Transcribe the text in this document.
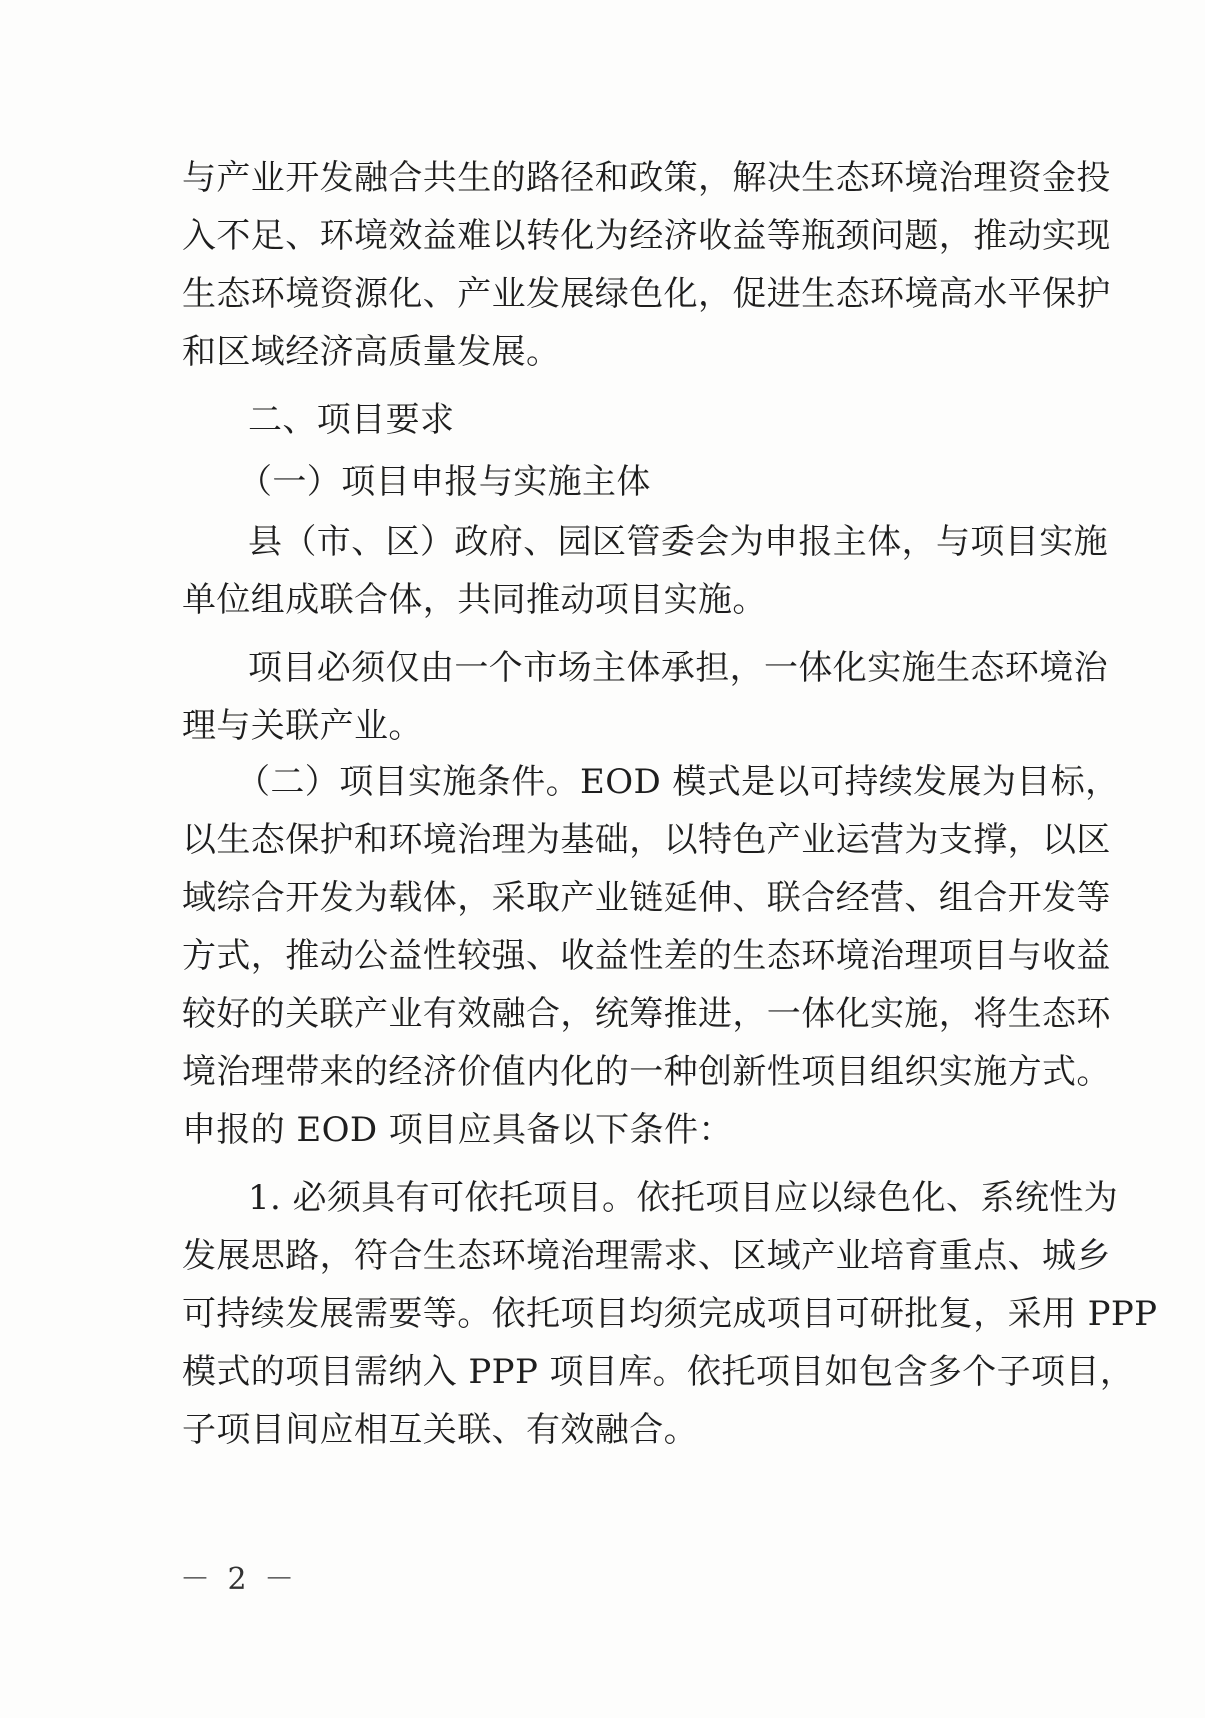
与产业开发融合共生的路径和政策，解决生态环境治理资金投
入不足、环境效益难以转化为经济收益等瓶颈问题，推动实现
生态环境资源化、产业发展绿色化，促进生态环境高水平保护
和区域经济高质量发展。
二、项目要求
（一）项目申报与实施主体
县（市、区）政府、园区管委会为申报主体，与项目实施
单位组成联合体，共同推动项目实施。
项目必须仅由一个市场主体承担，一体化实施生态环境治
理与关联产业。
（二）项目实施条件。EOD 模式是以可持续发展为目标，
以生态保护和环境治理为基础，以特色产业运营为支撑，以区
域综合开发为载体，采取产业链延伸、联合经营、组合开发等
方式，推动公益性较强、收益性差的生态环境治理项目与收益
较好的关联产业有效融合，统筹推进，一体化实施，将生态环
境治理带来的经济价值内化的一种创新性项目组织实施方式。
申报的 EOD 项目应具备以下条件：
1. 必须具有可依托项目。依托项目应以绿色化、系统性为
发展思路，符合生态环境治理需求、区域产业培育重点、城乡
可持续发展需要等。依托项目均须完成项目可研批复，采用 PPP
模式的项目需纳入 PPP 项目库。依托项目如包含多个子项目，
子项目间应相互关联、有效融合。
－ 2 －
